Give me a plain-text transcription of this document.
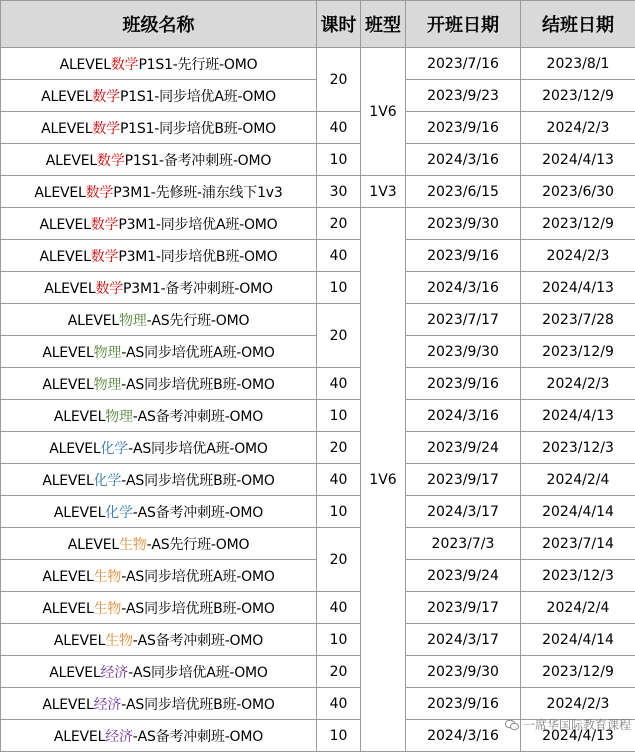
班级名称	课时	班型	开班日期	结班日期
ALEVEL数学P1S1-先行班-OMO	20	1V6	2023/7/16	2023/8/1
ALEVEL数学P1S1-同步培优A班-OMO			2023/9/23	2023/12/9
ALEVEL数学P1S1-同步培优B班-OMO	40		2023/9/16	2024/2/3
ALEVEL数学P1S1-备考冲刺班-OMO	10		2024/3/16	2024/4/13
ALEVEL数学P3M1-先修班-浦东线下1v3	30	1V3	2023/6/15	2023/6/30
ALEVEL数学P3M1-同步培优A班-OMO	20	1V6	2023/9/30	2023/12/9
ALEVEL数学P3M1-同步培优B班-OMO	40		2023/9/16	2024/2/3
ALEVEL数学P3M1-备考冲刺班-OMO	10		2024/3/16	2024/4/13
ALEVEL物理-AS先行班-OMO	20		2023/7/17	2023/7/28
ALEVEL物理-AS同步培优班A班-OMO			2023/9/30	2023/12/9
ALEVEL物理-AS同步培优班B班-OMO	40		2023/9/16	2024/2/3
ALEVEL物理-AS备考冲刺班-OMO	10		2024/3/16	2024/4/13
ALEVEL化学-AS同步培优A班-OMO	20		2023/9/24	2023/12/3
ALEVEL化学-AS同步培优班B班-OMO	40		2023/9/17	2024/2/4
ALEVEL化学-AS备考冲刺班-OMO	10		2024/3/17	2024/4/14
ALEVEL生物-AS先行班-OMO	20		2023/7/3	2023/7/14
ALEVEL生物-AS同步培优班A班-OMO			2023/9/24	2023/12/3
ALEVEL生物-AS同步培优班B班-OMO	40		2023/9/17	2024/2/4
ALEVEL生物-AS备考冲刺班-OMO	10		2024/3/17	2024/4/14
ALEVEL经济-AS同步培优A班-OMO	20		2023/9/30	2023/12/9
ALEVEL经济-AS同步培优班B班-OMO	40		2023/9/16	2024/2/3
ALEVEL经济-AS备考冲刺班-OMO	10		2024/3/16	2024/4/13
一席华国际教育课程
